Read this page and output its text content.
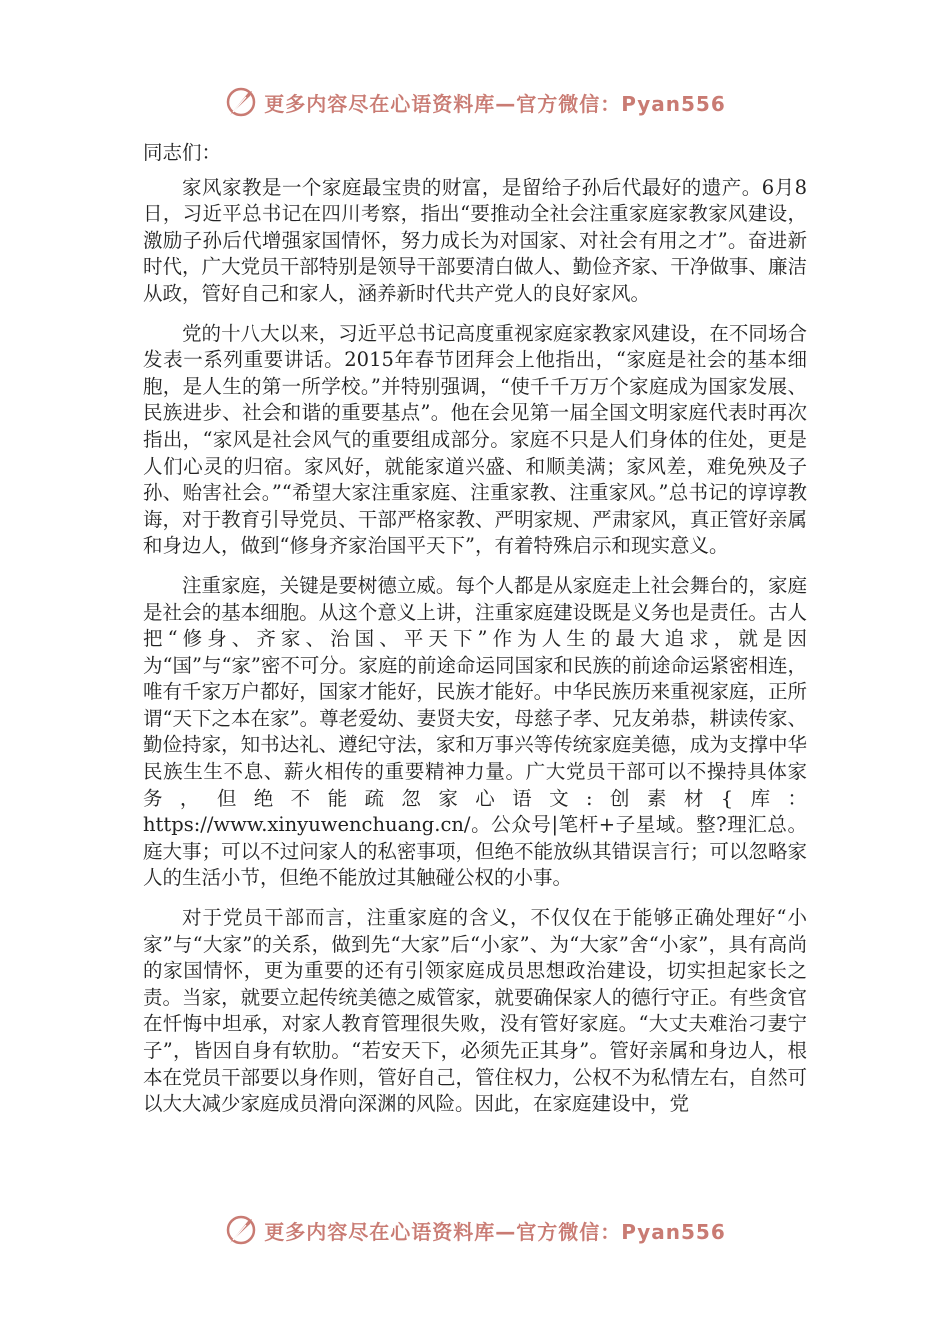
更多内容尽在心语资料库—官方微信：Pyan556

同志们：

家风家教是一个家庭最宝贵的财富，是留给子孙后代最好的遗产。6月8日，习近平总书记在四川考察，指出“要推动全社会注重家庭家教家风建设，激励子孙后代增强家国情怀，努力成长为对国家、对社会有用之才”。奋进新时代，广大党员干部特别是领导干部要清白做人、勤俭齐家、干净做事、廉洁从政，管好自己和家人，涵养新时代共产党人的良好家风。

党的十八大以来，习近平总书记高度重视家庭家教家风建设，在不同场合发表一系列重要讲话。2015年春节团拜会上他指出，“家庭是社会的基本细胞，是人生的第一所学校。”并特别强调，“使千千万万个家庭成为国家发展、民族进步、社会和谐的重要基点”。他在会见第一届全国文明家庭代表时再次指出，“家风是社会风气的重要组成部分。家庭不只是人们身体的住处，更是人们心灵的归宿。家风好，就能家道兴盛、和顺美满；家风差，难免殃及子孙、贻害社会。”“希望大家注重家庭、注重家教、注重家风。”总书记的谆谆教诲，对于教育引导党员、干部严格家教、严明家规、严肃家风，真正管好亲属和身边人，做到“修身齐家治国平天下”，有着特殊启示和现实意义。

注重家庭，关键是要树德立威。每个人都是从家庭走上社会舞台的，家庭是社会的基本细胞。从这个意义上讲，注重家庭建设既是义务也是责任。古人把“修身、齐家、治国、平天下”作为人生的最大追求，就是因为“国”与“家”密不可分。家庭的前途命运同国家和民族的前途命运紧密相连，唯有千家万户都好，国家才能好，民族才能好。中华民族历来重视家庭，正所谓“天下之本在家”。尊老爱幼、妻贤夫安，母慈子孝、兄友弟恭，耕读传家、勤俭持家，知书达礼、遵纪守法，家和万事兴等传统家庭美德，成为支撑中华民族生生不息、薪火相传的重要精神力量。广大党员干部可以不操持具体家务，但绝不能疏忽家心语文:创素材{库：https://www.xinyuwenchuang.cn/。公众号|笔杆+子星域。整?理汇总。庭大事；可以不过问家人的私密事项，但绝不能放纵其错误言行；可以忽略家人的生活小节，但绝不能放过其触碰公权的小事。

对于党员干部而言，注重家庭的含义，不仅仅在于能够正确处理好“小家”与“大家”的关系，做到先“大家”后“小家”、为“大家”舍“小家”，具有高尚的家国情怀，更为重要的还有引领家庭成员思想政治建设，切实担起家长之责。当家，就要立起传统美德之威管家，就要确保家人的德行守正。有些贪官在忏悔中坦承，对家人教育管理很失败，没有管好家庭。“大丈夫难治刁妻宁子”，皆因自身有软肋。“若安天下，必须先正其身”。管好亲属和身边人，根本在党员干部要以身作则，管好自己，管住权力，公权不为私情左右，自然可以大大减少家庭成员滑向深渊的风险。因此，在家庭建设中，党

更多内容尽在心语资料库—官方微信：Pyan556
